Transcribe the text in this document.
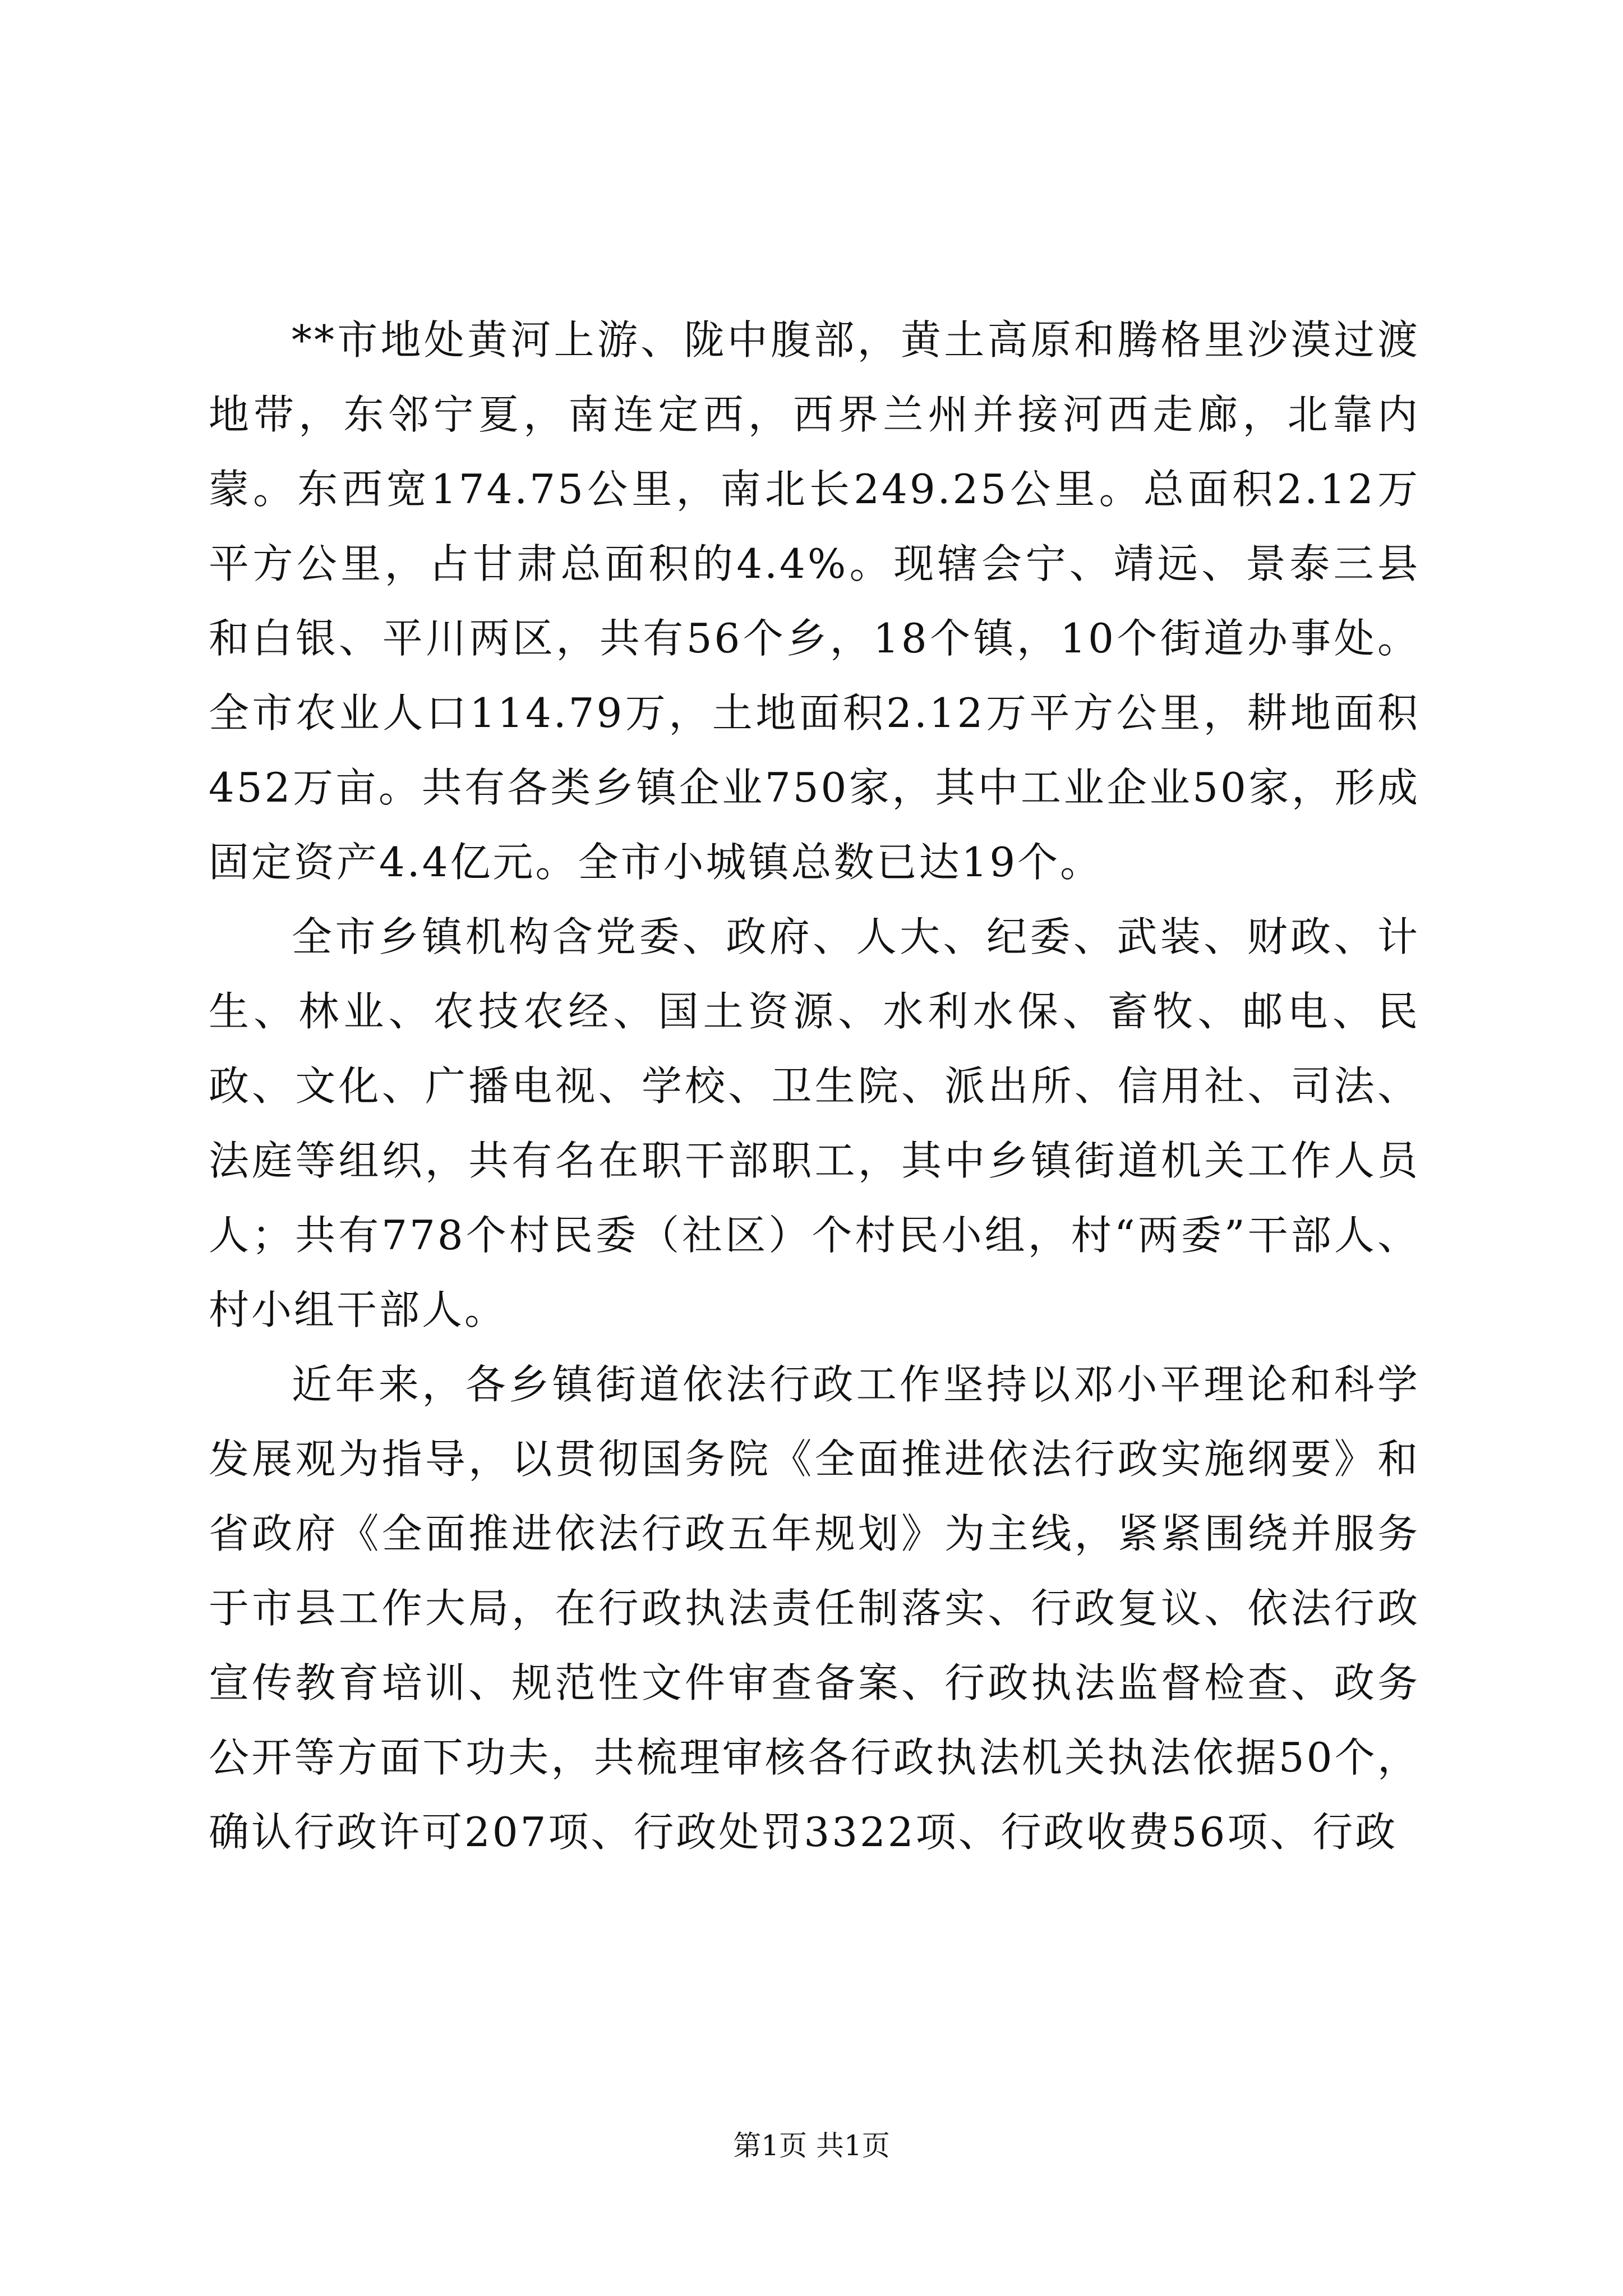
**市地处黄河上游、陇中腹部，黄土高原和腾格里沙漠过渡地带，东邻宁夏，南连定西，西界兰州并接河西走廊，北靠内蒙。东西宽174.75公里，南北长249.25公里。总面积2.12万平方公里，占甘肃总面积的4.4%。现辖会宁、靖远、景泰三县和白银、平川两区，共有56个乡，18个镇，10个街道办事处。全市农业人口114.79万，土地面积2.12万平方公里，耕地面积452万亩。共有各类乡镇企业750家，其中工业企业50家，形成固定资产4.4亿元。全市小城镇总数已达19个。

全市乡镇机构含党委、政府、人大、纪委、武装、财政、计生、林业、农技农经、国土资源、水利水保、畜牧、邮电、民政、文化、广播电视、学校、卫生院、派出所、信用社、司法、法庭等组织，共有名在职干部职工，其中乡镇街道机关工作人员人；共有778个村民委（社区）个村民小组，村“两委”干部人、村小组干部人。

近年来，各乡镇街道依法行政工作坚持以邓小平理论和科学发展观为指导，以贯彻国务院《全面推进依法行政实施纲要》和省政府《全面推进依法行政五年规划》为主线，紧紧围绕并服务于市县工作大局，在行政执法责任制落实、行政复议、依法行政宣传教育培训、规范性文件审查备案、行政执法监督检查、政务公开等方面下功夫，共梳理审核各行政执法机关执法依据50个，确认行政许可207项、行政处罚3322项、行政收费56项、行政

第1页 共1页
